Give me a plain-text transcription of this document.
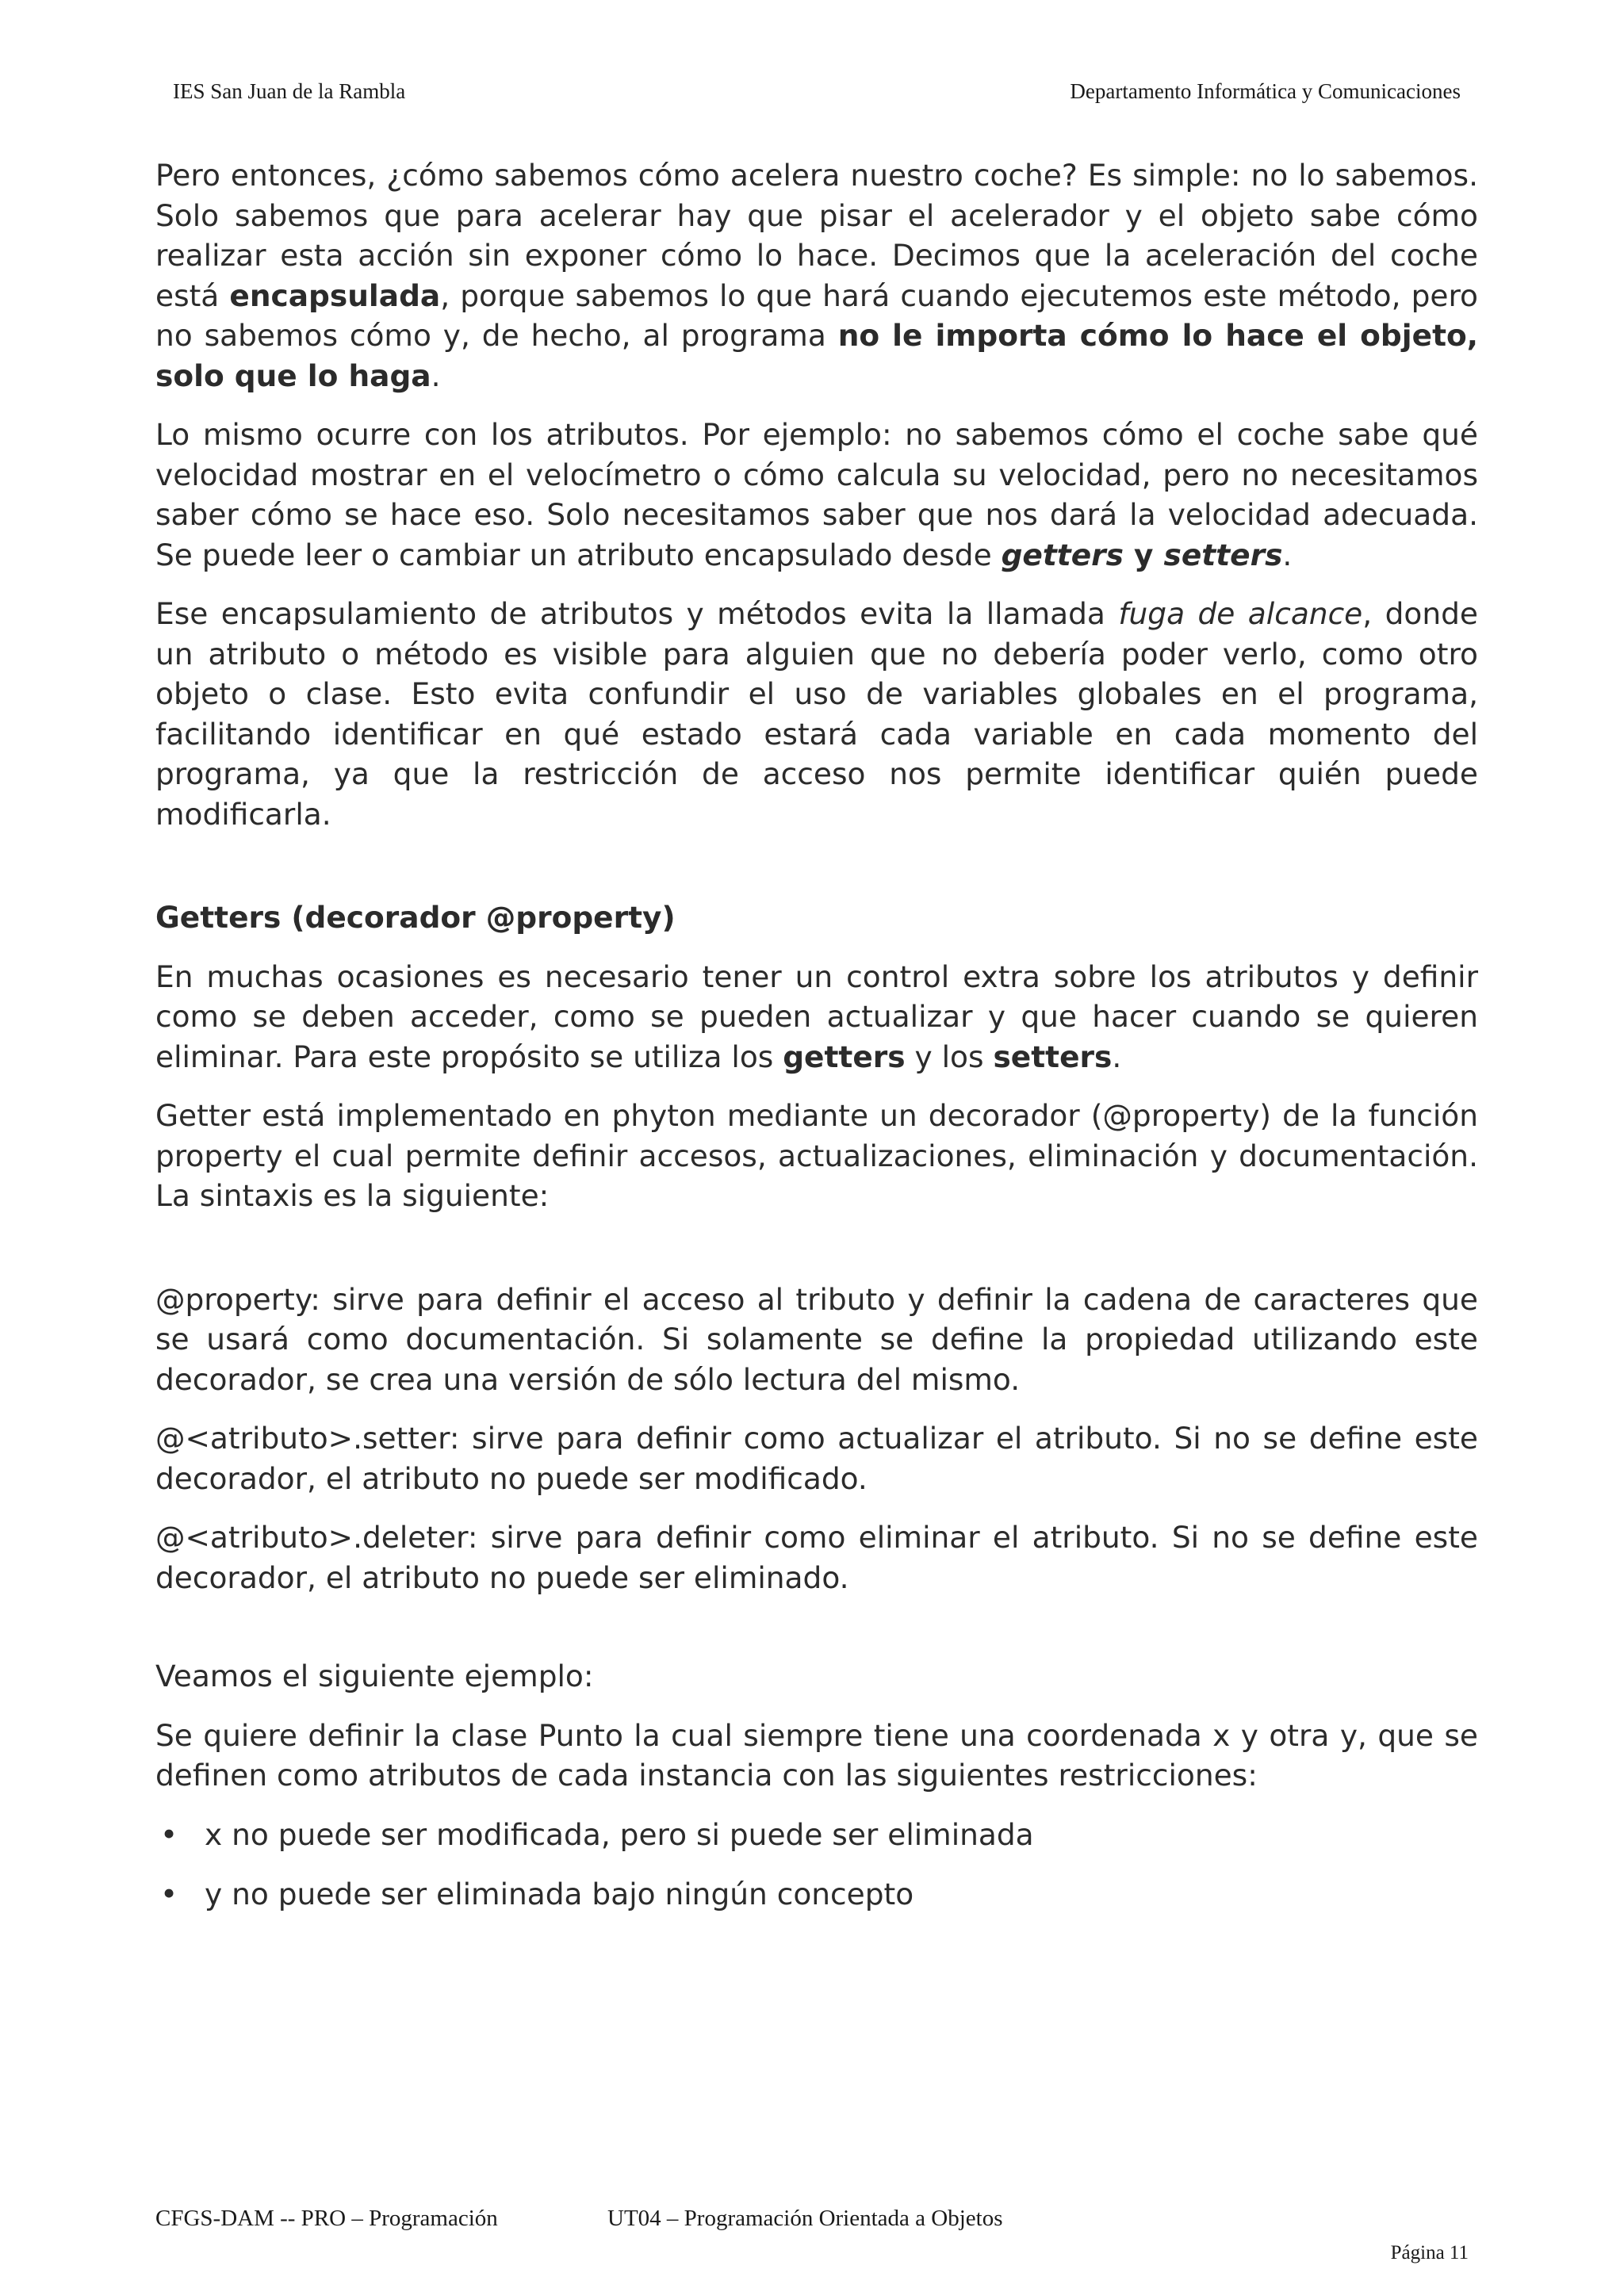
IES San Juan de la Rambla	Departamento Informática y Comunicaciones

Pero entonces, ¿cómo sabemos cómo acelera nuestro coche? Es simple: no lo sabemos. Solo sabemos que para acelerar hay que pisar el acelerador y el objeto sabe cómo realizar esta acción sin exponer cómo lo hace. Decimos que la aceleración del coche está encapsulada, porque sabemos lo que hará cuando ejecutemos este método, pero no sabemos cómo y, de hecho, al programa no le importa cómo lo hace el objeto, solo que lo haga.

Lo mismo ocurre con los atributos. Por ejemplo: no sabemos cómo el coche sabe qué velocidad mostrar en el velocímetro o cómo calcula su velocidad, pero no necesitamos saber cómo se hace eso. Solo necesitamos saber que nos dará la velocidad adecuada. Se puede leer o cambiar un atributo encapsulado desde getters y setters.

Ese encapsulamiento de atributos y métodos evita la llamada fuga de alcance, donde un atributo o método es visible para alguien que no debería poder verlo, como otro objeto o clase. Esto evita confundir el uso de variables globales en el programa, facilitando identificar en qué estado estará cada variable en cada momento del programa, ya que la restricción de acceso nos permite identificar quién puede modificarla.

Getters (decorador @property)

En muchas ocasiones es necesario tener un control extra sobre los atributos y definir como se deben acceder, como se pueden actualizar y que hacer cuando se quieren eliminar. Para este propósito se utiliza los getters y los setters.

Getter está implementado en phyton mediante un decorador (@property) de la función property el cual permite definir accesos, actualizaciones, eliminación y documentación. La sintaxis es la siguiente:

@property: sirve para definir el acceso al tributo y definir la cadena de caracteres que se usará como documentación. Si solamente se define la propiedad utilizando este decorador, se crea una versión de sólo lectura del mismo.

@<atributo>.setter: sirve para definir como actualizar el atributo. Si no se define este decorador, el atributo no puede ser modificado.

@<atributo>.deleter: sirve para definir como eliminar el atributo. Si no se define este decorador, el atributo no puede ser eliminado.

Veamos el siguiente ejemplo:

Se quiere definir la clase Punto la cual siempre tiene una coordenada x y otra y, que se definen como atributos de cada instancia con las siguientes restricciones:

• x no puede ser modificada, pero si puede ser eliminada
• y no puede ser eliminada bajo ningún concepto
CFGS-DAM -- PRO – Programación	UT04 – Programación Orientada a Objetos
Página 11
